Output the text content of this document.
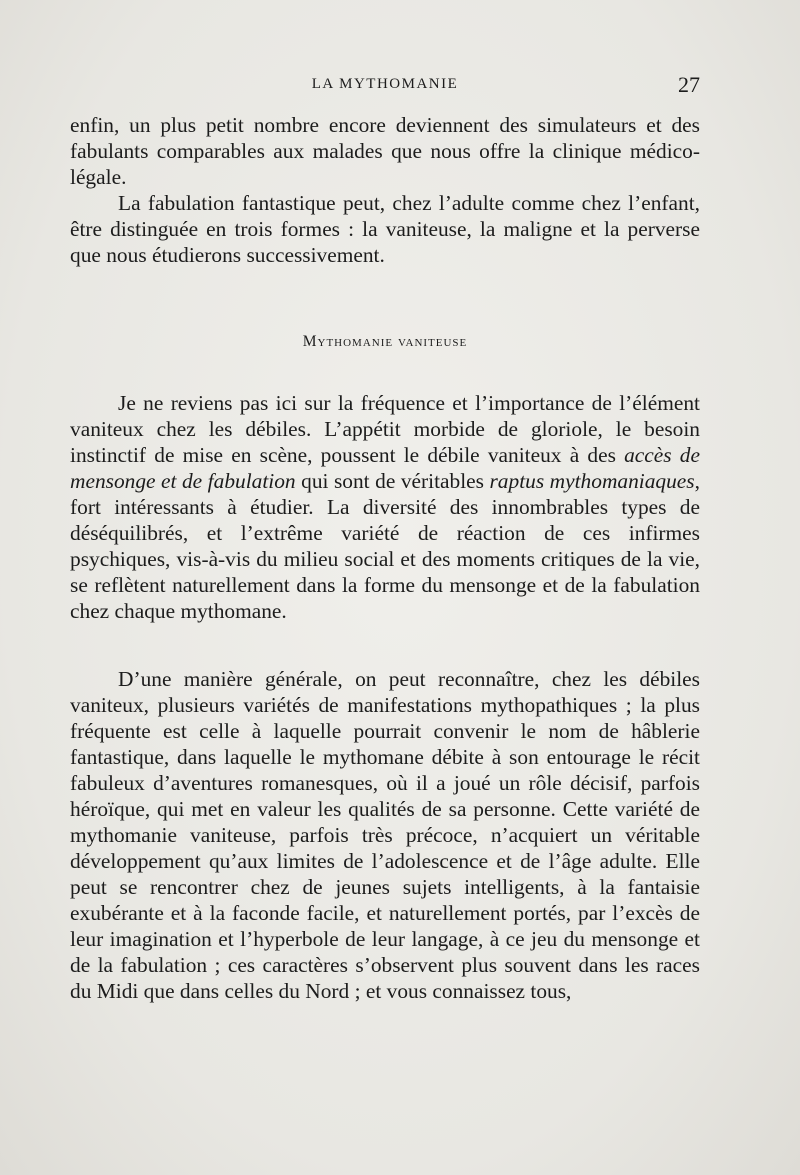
LA MYTHOMANIE	27

enfin, un plus petit nombre encore deviennent des simulateurs et des fabulants comparables aux malades que nous offre la clinique médico-légale.

La fabulation fantastique peut, chez l’adulte comme chez l’enfant, être distinguée en trois formes : la vaniteuse, la maligne et la perverse que nous étudierons successivement.

Mythomanie vaniteuse

Je ne reviens pas ici sur la fréquence et l’importance de l’élément vaniteux chez les débiles. L’appétit morbide de gloriole, le besoin instinctif de mise en scène, poussent le débile vaniteux à des accès de mensonge et de fabulation qui sont de véritables raptus mythomaniaques, fort intéressants à étudier. La diversité des innombrables types de déséquilibrés, et l’extrême variété de réaction de ces infirmes psychiques, vis-à-vis du milieu social et des moments critiques de la vie, se reflètent naturellement dans la forme du mensonge et de la fabulation chez chaque mythomane.

D’une manière générale, on peut reconnaître, chez les débiles vaniteux, plusieurs variétés de manifestations mythopathiques ; la plus fréquente est celle à laquelle pourrait convenir le nom de hâblerie fantastique, dans laquelle le mythomane débite à son entourage le récit fabuleux d’aventures romanesques, où il a joué un rôle décisif, parfois héroïque, qui met en valeur les qualités de sa personne. Cette variété de mythomanie vaniteuse, parfois très précoce, n’acquiert un véritable développement qu’aux limites de l’adolescence et de l’âge adulte. Elle peut se rencontrer chez de jeunes sujets intelligents, à la fantaisie exubérante et à la faconde facile, et naturellement portés, par l’excès de leur imagination et l’hyperbole de leur langage, à ce jeu du mensonge et de la fabulation ; ces caractères s’observent plus souvent dans les races du Midi que dans celles du Nord ; et vous connaissez tous,
